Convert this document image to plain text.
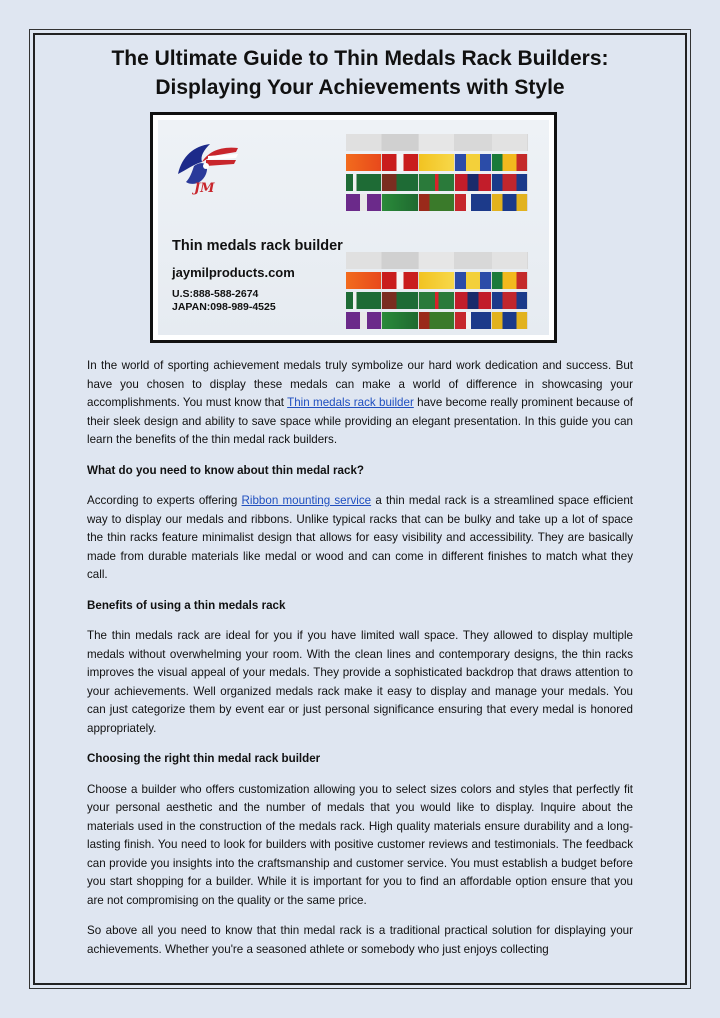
The Ultimate Guide to Thin Medals Rack Builders:
Displaying Your Achievements with Style
JM
Thin medals rack builder
jaymilproducts.com
U.S:888-588-2674
JAPAN:098-989-4525

In the world of sporting achievement medals truly symbolize our hard work dedication and success. But have you chosen to display these medals can make a world of difference in showcasing your accomplishments. You must know that Thin medals rack builder have become really prominent because of their sleek design and ability to save space while providing an elegant presentation. In this guide you can learn the benefits of the thin medal rack builders.

What do you need to know about thin medal rack?

According to experts offering Ribbon mounting service a thin medal rack is a streamlined space efficient way to display our medals and ribbons. Unlike typical racks that can be bulky and take up a lot of space the thin racks feature minimalist design that allows for easy visibility and accessibility. They are basically made from durable materials like medal or wood and can come in different finishes to match what they call.

Benefits of using a thin medals rack

The thin medals rack are ideal for you if you have limited wall space. They allowed to display multiple medals without overwhelming your room. With the clean lines and contemporary designs, the thin racks improves the visual appeal of your medals. They provide a sophisticated backdrop that draws attention to your achievements. Well organized medals rack make it easy to display and manage your medals. You can just categorize them by event ear or just personal significance ensuring that every medal is honored appropriately.

Choosing the right thin medal rack builder

Choose a builder who offers customization allowing you to select sizes colors and styles that perfectly fit your personal aesthetic and the number of medals that you would like to display. Inquire about the materials used in the construction of the medals rack. High quality materials ensure durability and a long-lasting finish. You need to look for builders with positive customer reviews and testimonials. The feedback can provide you insights into the craftsmanship and customer service. You must establish a budget before you start shopping for a builder. While it is important for you to find an affordable option ensure that you are not compromising on the quality or the same price.

So above all you need to know that thin medal rack is a traditional practical solution for displaying your achievements. Whether you're a seasoned athlete or somebody who just enjoys collecting
